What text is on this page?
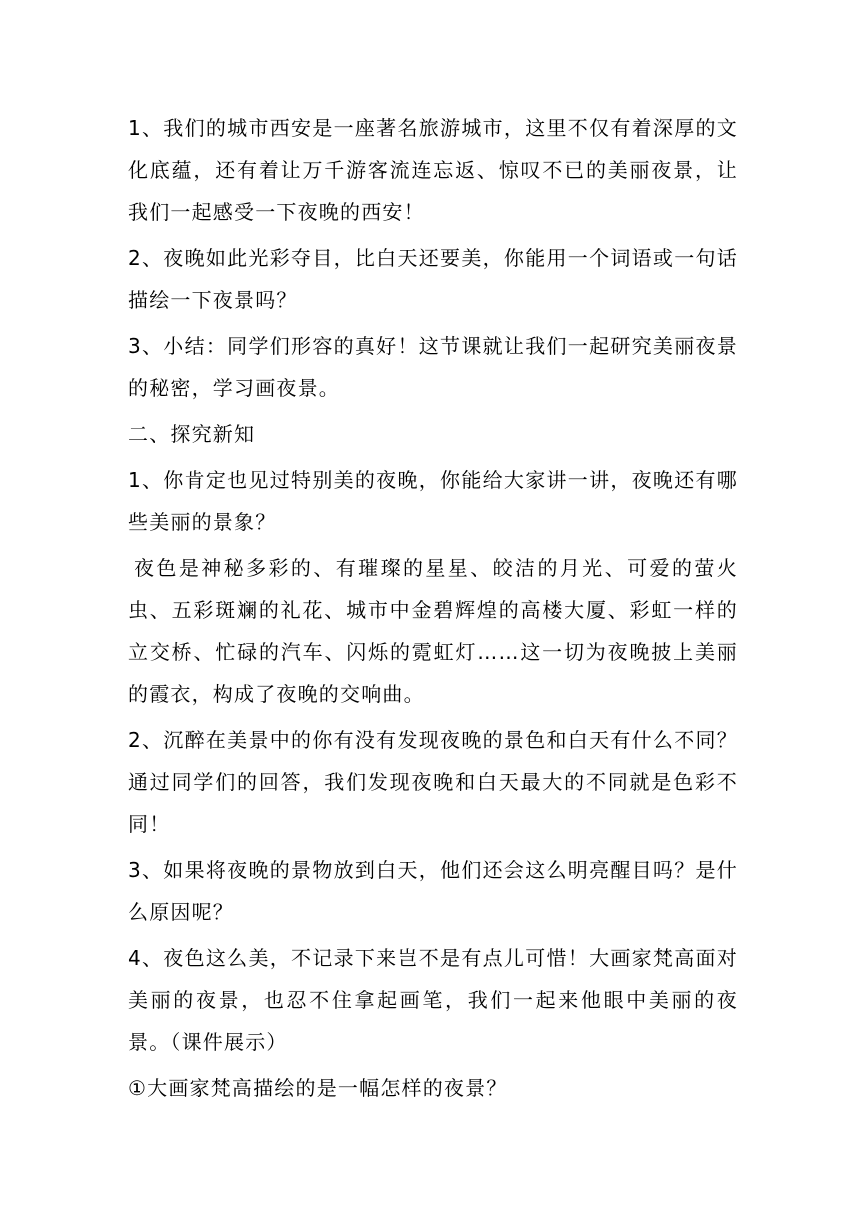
1、我们的城市西安是一座著名旅游城市，这里不仅有着深厚的文化底蕴，还有着让万千游客流连忘返、惊叹不已的美丽夜景，让我们一起感受一下夜晚的西安！

2、夜晚如此光彩夺目，比白天还要美，你能用一个词语或一句话描绘一下夜景吗？

3、小结：同学们形容的真好！这节课就让我们一起研究美丽夜景的秘密，学习画夜景。

二、探究新知

1、你肯定也见过特别美的夜晚，你能给大家讲一讲，夜晚还有哪些美丽的景象？

夜色是神秘多彩的、有璀璨的星星、皎洁的月光、可爱的萤火虫、五彩斑斓的礼花、城市中金碧辉煌的高楼大厦、彩虹一样的立交桥、忙碌的汽车、闪烁的霓虹灯……这一切为夜晚披上美丽的霞衣，构成了夜晚的交响曲。

2、沉醉在美景中的你有没有发现夜晚的景色和白天有什么不同？通过同学们的回答，我们发现夜晚和白天最大的不同就是色彩不同！

3、如果将夜晚的景物放到白天，他们还会这么明亮醒目吗？是什么原因呢？

4、夜色这么美，不记录下来岂不是有点儿可惜！大画家梵高面对美丽的夜景，也忍不住拿起画笔，我们一起来他眼中美丽的夜景。（课件展示）

①大画家梵高描绘的是一幅怎样的夜景？
